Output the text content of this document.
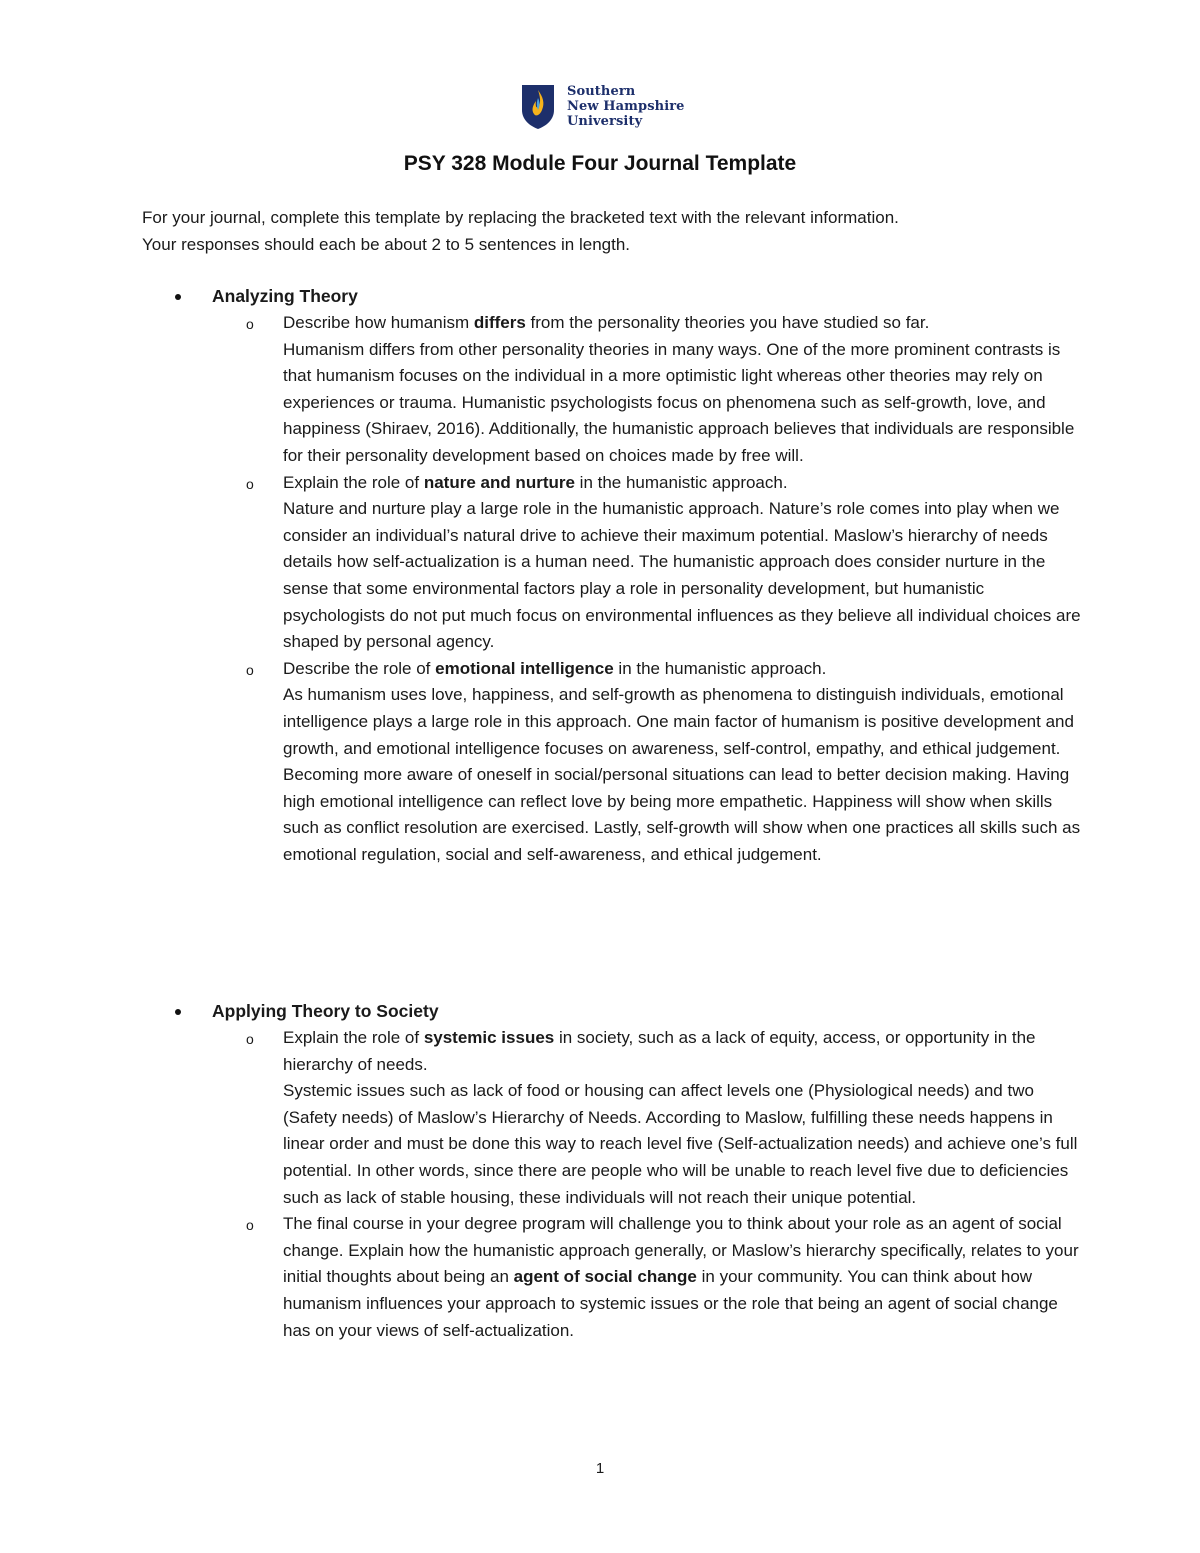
Southern
New Hampshire
University
PSY 328 Module Four Journal Template

For your journal, complete this template by replacing the bracketed text with the relevant information.

Your responses should each be about 2 to 5 sentences in length.

Analyzing Theory
o Describe how humanism differs from the personality theories you have studied so far.

Humanism differs from other personality theories in many ways. One of the more prominent contrasts is that humanism focuses on the individual in a more optimistic light whereas other theories may rely on experiences or trauma. Humanistic psychologists focus on phenomena such as self-growth, love, and happiness (Shiraev, 2016). Additionally, the humanistic approach believes that individuals are responsible for their personality development based on choices made by free will.

o Explain the role of nature and nurture in the humanistic approach.

Nature and nurture play a large role in the humanistic approach. Nature’s role comes into play when we consider an individual’s natural drive to achieve their maximum potential. Maslow’s hierarchy of needs details how self-actualization is a human need. The humanistic approach does consider nurture in the sense that some environmental factors play a role in personality development, but humanistic psychologists do not put much focus on environmental influences as they believe all individual choices are shaped by personal agency.

o Describe the role of emotional intelligence in the humanistic approach.

As humanism uses love, happiness, and self-growth as phenomena to distinguish individuals, emotional intelligence plays a large role in this approach. One main factor of humanism is positive development and growth, and emotional intelligence focuses on awareness, self-control, empathy, and ethical judgement. Becoming more aware of oneself in social/personal situations can lead to better decision making. Having high emotional intelligence can reflect love by being more empathetic. Happiness will show when skills such as conflict resolution are exercised. Lastly, self-growth will show when one practices all skills such as emotional regulation, social and self-awareness, and ethical judgement.

Applying Theory to Society
o Explain the role of systemic issues in society, such as a lack of equity, access, or opportunity in the hierarchy of needs.

Systemic issues such as lack of food or housing can affect levels one (Physiological needs) and two (Safety needs) of Maslow’s Hierarchy of Needs. According to Maslow, fulfilling these needs happens in linear order and must be done this way to reach level five (Self-actualization needs) and achieve one’s full potential. In other words, since there are people who will be unable to reach level five due to deficiencies such as lack of stable housing, these individuals will not reach their unique potential.

o The final course in your degree program will challenge you to think about your role as an agent of social change. Explain how the humanistic approach generally, or Maslow’s hierarchy specifically, relates to your initial thoughts about being an agent of social change in your community. You can think about how humanism influences your approach to systemic issues or the role that being an agent of social change has on your views of self-actualization.

1
